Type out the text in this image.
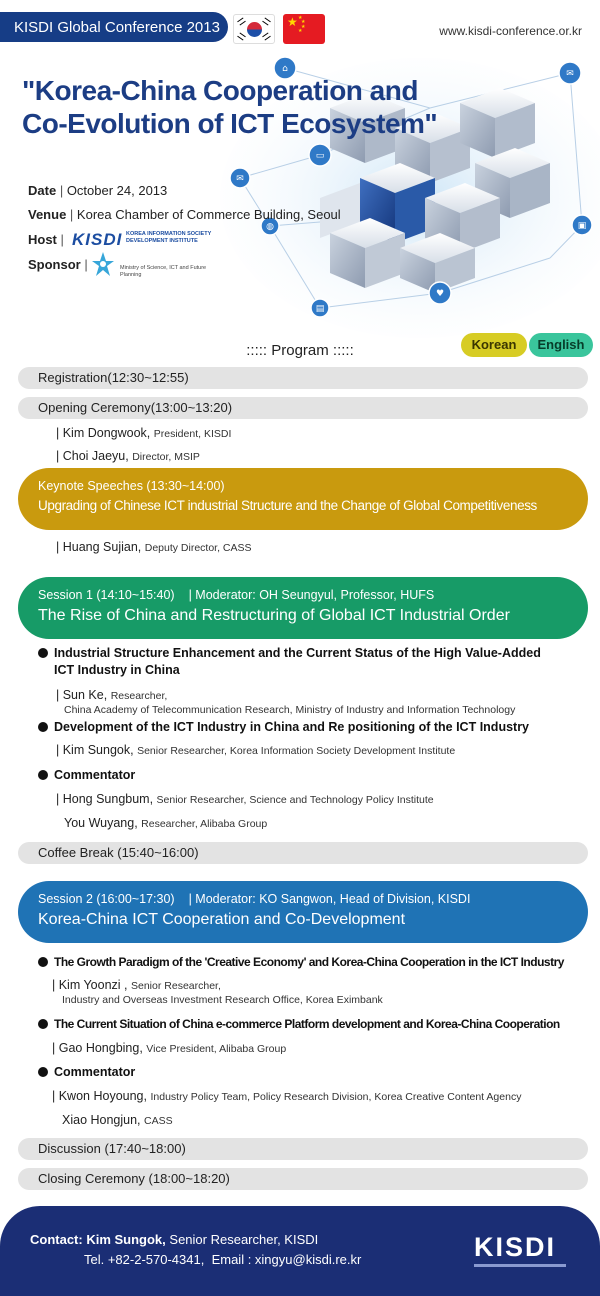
KISDI Global Conference 2013	★ ★
★
★
★	www.kisdi-conference.or.kr
⌂	✉
▭
✉
◍	▣
♥
▤
"Korea-China Cooperation and
Co-Evolution of ICT Ecosystem"
Date | October 24, 2013
Venue | Korea Chamber of Commerce Building, Seoul
Host | KISDI KOREA INFORMATION SOCIETY DEVELOPMENT INSTITUTE
Sponsor |	Ministry of Science, ICT and Future Planning
::::: Program :::::	Korean	English
Registration(12:30~12:55)
Opening Ceremony(13:00~13:20)
| Kim Dongwook, President, KISDI
| Choi Jaeyu, Director, MSIP
Keynote Speeches (13:30~14:00)
Upgrading of Chinese ICT industrial Structure and the Change of Global Competitiveness
| Huang Sujian, Deputy Director, CASS
Session 1 (14:10~15:40) | Moderator: OH Seungyul, Professor, HUFS
The Rise of China and Restructuring of Global ICT Industrial Order
Industrial Structure Enhancement and the Current Status of the High Value-Added
ICT Industry in China
| Sun Ke, Researcher,
China Academy of Telecommunication Research, Ministry of Industry and Information Technology
Development of the ICT Industry in China and Re positioning of the ICT Industry
| Kim Sungok, Senior Researcher, Korea Information Society Development Institute
Commentator
| Hong Sungbum, Senior Researcher, Science and Technology Policy Institute
You Wuyang, Researcher, Alibaba Group
Coffee Break (15:40~16:00)
Session 2 (16:00~17:30) | Moderator: KO Sangwon, Head of Division, KISDI
Korea-China ICT Cooperation and Co-Development
The Growth Paradigm of the 'Creative Economy' and Korea-China Cooperation in the ICT Industry
| Kim Yoonzi , Senior Researcher,
Industry and Overseas Investment Research Office, Korea Eximbank
The Current Situation of China e-commerce Platform development and Korea-China Cooperation
| Gao Hongbing, Vice President, Alibaba Group
Commentator
| Kwon Hoyoung, Industry Policy Team, Policy Research Division, Korea Creative Content Agency
Xiao Hongjun, CASS
Discussion (17:40~18:00)
Closing Ceremony (18:00~18:20)
Contact: Kim Sungok, Senior Researcher, KISDI
Tel. +82-2-570-4341, Email : xingyu@kisdi.re.kr	KISDI
